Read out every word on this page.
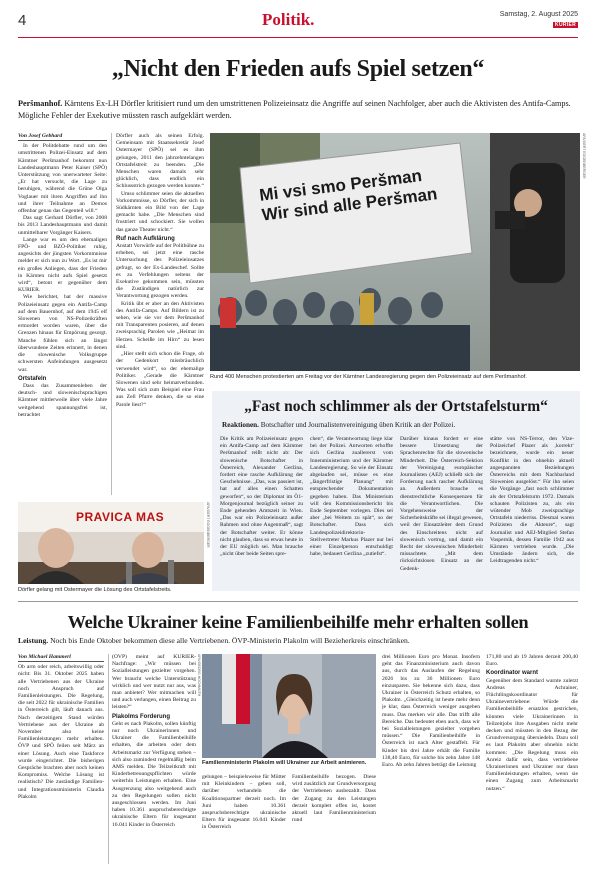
4	Politik.	Samstag, 2. August 2025
KURIER
„Nicht den Frieden aufs Spiel setzen“
Peršmanhof. Kärntens Ex-LH Dörfler kritisiert rund um den umstrittenen Polizeieinsatz die Angriffe auf seinen Nachfolger, aber auch die Aktivisten des Antifa-Camps. Mögliche Fehler der Exekutive müssten rasch aufgeklärt werden.
Von Josef Gebhard

In der Politdebatte rund um den umstrittenen Polizei-Einsatz auf dem Kärntner Peršmanhof bekommt nun Landeshauptmann Peter Kaiser (SPÖ) Unterstützung von unerwarteter Seite: „Er hat versucht, die Lage zu beruhigen, während die Grüne Olga Voglauer mit ihren Angriffen auf ihn und ihrer Teilnahme an Demos offenbar genau das Gegenteil will.“

Das sagt Gerhard Dörfler, von 2008 bis 2013 Landeshauptmann und damit unmittelbarer Vorgänger Kaisers.

Lange war es um den ehemaligen FPÖ- und BZÖ-Politiker ruhig, angesichts der jüngsten Vorkommnisse meldet er sich nun zu Wort. „Es ist mir ein großes Anliegen, dass der Frieden in Kärnten nicht aufs Spiel gesetzt wird“, betont er gegenüber dem KURIER.

Wie berichtet, hat der massive Polizeieinsatz gegen ein Antifa-Camp auf dem Bauernhof, auf dem 1945 elf Slowenen von NS-Polizeikräften ermordet worden waren, über die Grenzen hinaus für Empörung gesorgt. Manche fühlen sich an längst überwundene Zeiten erinnert, in denen die slowenische Volksgruppe schwersten Anfeindungen ausgesetzt war.

Ortstafeln

Dass das Zusammenleben der deutsch- und slowenischsprachigen Kärntner mittlerweile über viele Jahre weitgehend spannungsfrei ist, betrachtet

Dörfler auch als seinen Erfolg. Gemeinsam mit Staatssekretär Josef Ostermayer (SPÖ) sei es ihm gelungen, 2011 den jahrzehntelangen Ortstafelstreit zu beenden. „Die Menschen waren damals sehr glücklich, dass endlich ein Schlussstrich gezogen werden konnte.“

Umso schlimmer seien die aktuellen Vorkommnisse, so Dörfler, der sich in Südkärnten ein Bild von der Lage gemacht habe. „Die Menschen sind frustriert und schockiert. Sie wollen das ganze Theater nicht.“

Ruf nach Aufklärung

Anstatt Vorwürfe auf der Politbühne zu erheben, sei jetzt eine rasche Untersuchung des Polizeieinsatzes gefragt, so der Ex-Landeschef. Sollte es zu Verfehlungen seitens der Exekutive gekommen sein, müssten die Zuständigen natürlich zur Verantwortung gezogen werden.

Kritik übt er aber an den Aktivisten des Antifa-Camps. Auf Bildern ist zu sehen, wie sie vor dem Peršmanhof mit Transparenten posieren, auf denen zweisprachig Parolen wie „Heimat im Herzen. Scheiße im Hirn“ zu lesen sind.

„Hier stellt sich schon die Frage, ob der Gedenkort missbräuchlich verwendet wird“, so der ehemalige Politiker. „Gerade die Kärntner Slowenen sind sehr heimatverbunden. Was soll sich zum Beispiel eine Frau aus Zell Pfarre denken, die so eine Parole liest?“

Mi vsi smo Peršman
Wir sind alle Peršman
APA/GERT EGGENBERGER
Rund 400 Menschen protestierten am Freitag vor der Kärntner Landesregierung gegen den Polizeieinsatz auf dem Peršmanhof.
PRAVICA MAS	APA/GERT EGGENBERGER
Dörfler gelang mit Ostermayer die Lösung des Ortstafelstreits.
„Fast noch schlimmer als der Ortstafelsturm“
Reaktionen. Botschafter und Journalistenvereinigung üben Kritik an der Polizei.
Die Kritik am Polizeieinsatz gegen ein Antifa-Camp auf dem Kärntner Peršmanhof reißt nicht ab: Der slowenische Botschafter in Österreich, Alexander Geržina, fordert eine rasche Aufklärung der Geschehnisse. „Das, was passiert ist, hat auf alles einen Schatten geworfen“, so der Diplomat im Ö1-Morgenjournal bezüglich seiner zu Ende gehenden Amtszeit in Wien. „Das war ein Polizeieinsatz außer Rahmen und ohne Augenmaß“, sagt der Botschafter weiter. Er könne nicht glauben, dass so etwas heute in der EU möglich sei. Man brauche „nicht über beide Seiten spre-
chen“, die Verantwortung liege klar bei der Polizei. Antworten erhoffte sich Geržina zuallererst vom Innenministerium und der Kärntner Landesregierung. So wie der Einsatz abgelaufen sei, müsse es eine „längerfristige Planung“ mit entsprechender Dokumentation gegeben haben. Das Ministerium will den Kommissionsbericht bis Ende September vorlegen. Dies sei aber „bei Weitem zu spät“, so der Botschafter. Dass sich Landespolizeidirektorin-Stellvertreter Markus Plazer nur bei einer Einzelperson entschuldigt habe, bedauert Geržina „zutiefst“.
Darüber hinaus fordert er eine bessere Umsetzung der Sprachenrechte für die slowenische Minderheit. Die Österreich-Sektion der Vereinigung europäischer Journalisten (AEJ) schließt sich der Forderung nach rascher Aufklärung an. Außerdem brauche es dienstrechtliche Konsequenzen für die Verantwortlichen. Die Vorgehensweise der Sicherheitskräfte sei illegal gewesen, weil der Einsatzleiter dem Grund des Einschreitens nicht auf slowenisch vortrug, und damit ein Recht der slowenischen Minderheit missachtete. „Mit dem rücksichtslosen Einsatz an der Gedenk-
stätte von NS-Terror, den Vize-Polizeichef Plazer als ‚korrekt‘ bezeichnete, wurde ein neuer Konflikt in den ohnehin aktuell angespannten Beziehungen Österreichs mit dem Nachbarland Slowenien ausgelöst.“ Für ihn seien die Vorgänge „fast noch schlimmer als der Ortstafelsturm 1972. Damals schauten Polizisten zu, als ein wütender Mob zweisprachige Ortstafeln niederriss. Diesmal waren Polizisten die Akteure“, sagt Journalist und AEJ-Mitglied Stefan Vospernik, dessen Familie 1942 aus Kärnten vertrieben wurde. „Die Umstände ändern sich, die Leidtragenden nicht.“
Welche Ukrainer keine Familienbeihilfe mehr erhalten sollen
Leistung. Noch bis Ende Oktober bekommen diese alle Vertriebenen. ÖVP-Ministerin Plakolm will Bezieherkreis einschränken.
Von Michael Hammerl

Ob arm oder reich, arbeitswillig oder nicht: Bis 31. Oktober 2025 haben alle Vertriebenen aus der Ukraine noch Anspruch auf Familienleistungen. Die Regelung, die seit 2022 für ukrainische Familien in Österreich gilt, läuft danach aus. Nach derzeitigem Stand würden Vertriebene aus der Ukraine ab November also keine Familienleistungen mehr erhalten. ÖVP und SPÖ feilen seit März an einer Lösung. Auch eine Taskforce wurde eingerichtet. Die bisherigen Gespräche brachten aber noch keinen Kompromiss. Welche Lösung ist realistisch? Die zuständige Familien- und Integrationsministerin Claudia Plakolm

(ÖVP) meint auf KURIER-Nachfrage: „Wir müssen bei Sozialleistungen gezielter vorgehen. Wer braucht welche Unterstützung wirklich und wer nutzt nur aus, was man anbietet? Wer mitmachen will und auch verlangen, einen Beitrag zu leisten?“

Plakolms Forderung

Geht es nach Plakolm, sollen künftig nur noch Ukrainerinnen und Ukrainer die Familienbeihilfe erhalten, die arbeiten oder dem Arbeitsmarkt zur Verfügung stehen – sich also zumindest regelmäßig beim AMS melden. Die Teilzeitkraft mit Kinderbetreuungspflichten würde weiterhin Leistungen erhalten. Eine Ausgrenzung also weitgehend auch zu den Regelungen sollen nicht ausgeschlossen werden. Im Juni haben 10.361 anspruchsberechtigte ukrainische Eltern für insgesamt 16.041 Kinder in Österreich

APA/GEORG HOCHMUTH
Familienministerin Plakolm will Ukrainer zur Arbeit animieren.
gelungen – beispielsweise für Mütter mit Kleinkindern – geben soll, darüber verhandeln die Koalitionspartner derzeit noch. Im Juni haben 10.361 anspruchsberechtigte ukrainische Eltern für insgesamt 16.041 Kinder in Österreich
Familienbeihilfe bezogen. Diese wird zusätzlich zur Grundversorgung der Vertriebenen ausbezahlt. Dass der Zugang zu den Leistungen derzeit komplett offen ist, kostet aktuell laut Familienministerium rund
drei Millionen Euro pro Monat. Insofern geht das Finanzministerium auch davon aus, durch das Auslaufen der Regelung 2026 bis zu 36 Millionen Euro einzusparen. Sie bekenne sich dazu, dass Ukrainer in Österreich Schutz erhalten, so Plakolm. „Gleichzeitig ist heute mehr denn je klar, dass Österreich weniger ausgeben muss. Das merken wir alle. Das trifft alle Bereiche. Das bedeutet eben auch, dass wir bei Sozialleistungen gezielter vorgehen müssen.“ Die Familienbeihilfe in Österreich ist nach Alter gestaffelt. Für Kinder bis drei Jahre erhält die Familie 138,40 Euro, für solche bis zehn Jahre 148 Euro. Ab zehn Jahren beträgt die Leistung

171,80 und ab 19 Jahren derzeit 200,40 Euro.

Koordinator warnt

Gegenüber dem Standard warnte zuletzt Andreas Achrainer, Flüchtlingskoordinator für Ukrainevertriebene: Würde die Familienbeihilfe ersatzlos gestrichen, könnten viele Ukrainerinnen in Teilzeitjobs ihre Ausgaben nicht mehr decken und müssten in den Bezug der Grundversorgung übersiedeln. Dazu soll es laut Plakolm aber ohnehin nicht kommen: „Die Regelung muss ein Anreiz dafür sein, dass vertriebene Ukrainerinnen und Ukrainer nur dann Familienleistungen erhalten, wenn sie einen Zugang zum Arbeitsmarkt nutzen.“
